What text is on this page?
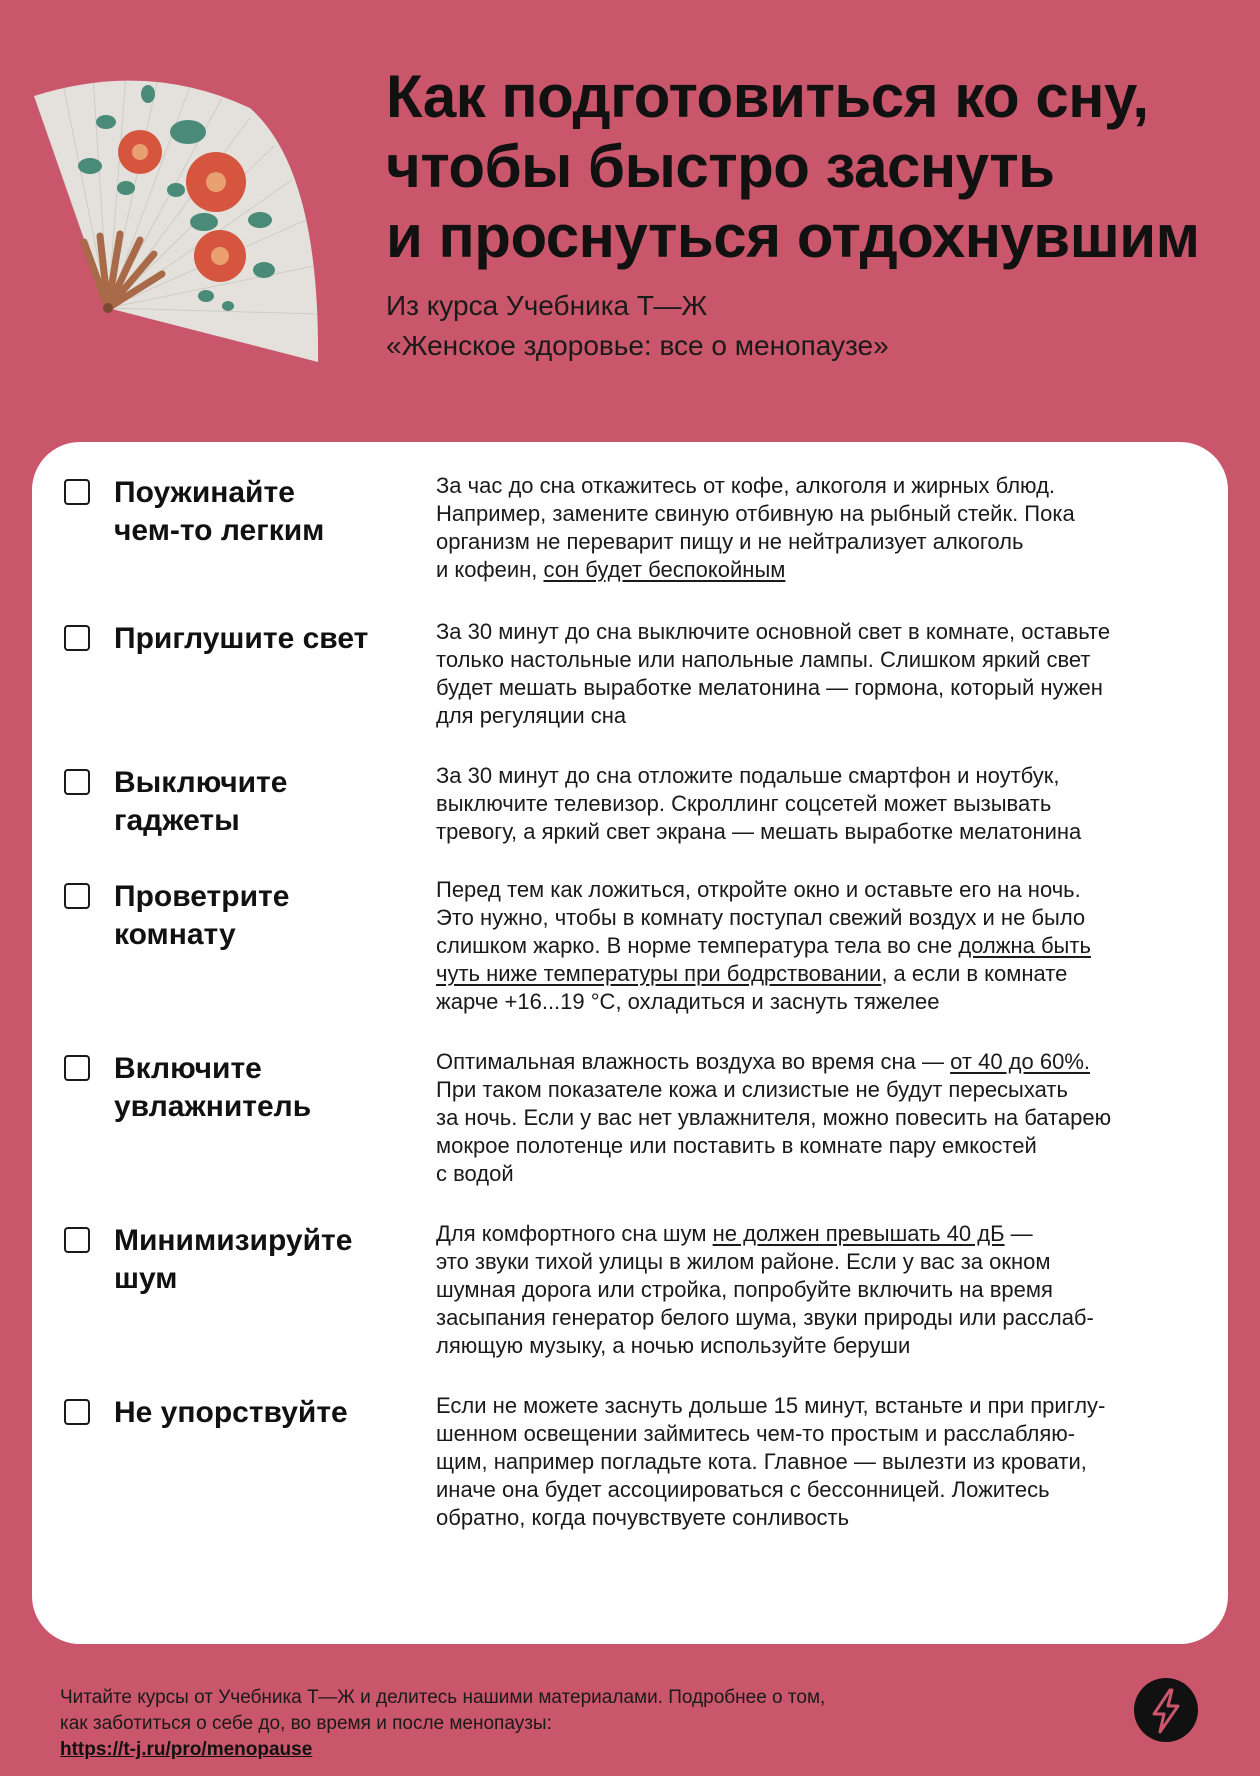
Как подготовиться ко сну,
чтобы быстро заснуть
и проснуться отдохнувшим
Из курса Учебника Т—Ж
«Женское здоровье: все о менопаузе»
Поужинайте
чем-то легким
За час до сна откажитесь от кофе, алкоголя и жирных блюд.
Например, замените свиную отбивную на рыбный стейк. Пока
организм не переварит пищу и не нейтрализует алкоголь
и кофеин, сон будет беспокойным
Приглушите свет	За 30 минут до сна выключите основной свет в комнате, оставьте
только настольные или напольные лампы. Слишком яркий свет
будет мешать выработке мелатонина — гормона, который нужен
для регуляции сна
Выключите
гаджеты
За 30 минут до сна отложите подальше смартфон и ноутбук,
выключите телевизор. Скроллинг соцсетей может вызывать
тревогу, а яркий свет экрана — мешать выработке мелатонина
Проветрите
комнату
Перед тем как ложиться, откройте окно и оставьте его на ночь.
Это нужно, чтобы в комнату поступал свежий воздух и не было
слишком жарко. В норме температура тела во сне должна быть
чуть ниже температуры при бодрствовании, а если в комнате
жарче +16...19 °С, охладиться и заснуть тяжелее
Включите
увлажнитель
Оптимальная влажность воздуха во время сна — от 40 до 60%.
При таком показателе кожа и слизистые не будут пересыхать
за ночь. Если у вас нет увлажнителя, можно повесить на батарею
мокрое полотенце или поставить в комнате пару емкостей
с водой
Минимизируйте
шум
Для комфортного сна шум не должен превышать 40 дБ —
это звуки тихой улицы в жилом районе. Если у вас за окном
шумная дорога или стройка, попробуйте включить на время
засыпания генератор белого шума, звуки природы или расслаб-
ляющую музыку, а ночью используйте беруши
Не упорствуйте	Если не можете заснуть дольше 15 минут, встаньте и при приглу-
шенном освещении займитесь чем-то простым и расслабляю-
щим, например погладьте кота. Главное — вылезти из кровати,
иначе она будет ассоциироваться с бессонницей. Ложитесь
обратно, когда почувствуете сонливость
Читайте курсы от Учебника Т—Ж и делитесь нашими материалами. Подробнее о том,
как заботиться о себе до, во время и после менопаузы:
https://t-j.ru/pro/menopause
